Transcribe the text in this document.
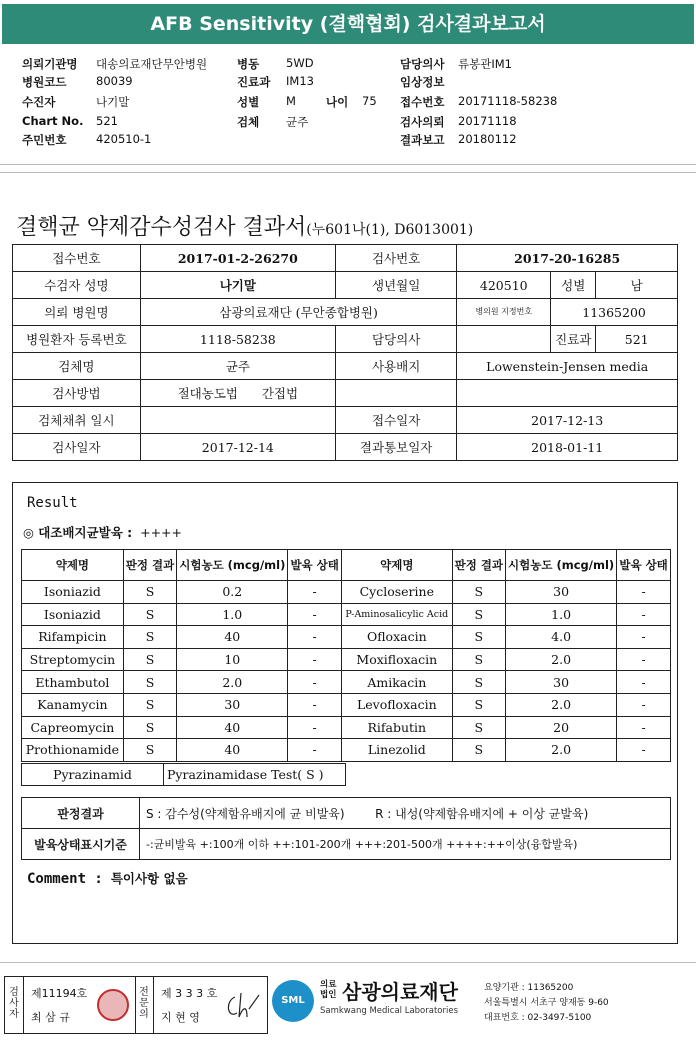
AFB Sensitivity (결핵협회) 검사결과보고서
의뢰기관명 대송의료재단무안병원
병원코드	80039
수진자	나기말
Chart No. 521
주민번호	420510-1
병동 5WD
진료과 IM13
성별 M	나이 75
검체 균주
담당의사 류봉관IM1
임상정보
접수번호 20171118-58238
검사의뢰 20171118
결과보고 20180112
결핵균 약제감수성검사 결과서(누601나(1), D6013001)
접수번호	2017-01-2-26270	검사번호	2017-20-16285		
수검자 성명	나기말	생년월일	420510	성별	남
의뢰 병원명	삼광의료재단 (무안종합병원)		병의원 지정번호	11365200	
병원환자 등록번호	1118-58238	담당의사		진료과	521
검체명	균주	사용배지	Lowenstein-Jensen media		
검사방법	절대농도법 간접법				
검체채취 일시		접수일자	2017-12-13		
검사일자	2017-12-14	결과통보일자	2018-01-11		
Result
◎ 대조배지균발육 : ++++
약제명	판정 결과	시험농도 (mcg/ml)	발육 상태	약제명	판정 결과	시험농도 (mcg/ml)	발육 상태
Isoniazid	S	0.2	-	Cycloserine	S	30	-
Isoniazid	S	1.0	-	P-Aminosalicylic Acid	S	1.0	-
Rifampicin	S	40	-	Ofloxacin	S	4.0	-
Streptomycin	S	10	-	Moxifloxacin	S	2.0	-
Ethambutol	S	2.0	-	Amikacin	S	30	-
Kanamycin	S	30	-	Levofloxacin	S	2.0	-
Capreomycin	S	40	-	Rifabutin	S	20	-
Prothionamide	S	40	-	Linezolid	S	2.0	-
Pyrazinamid	Pyrazinamidase Test( S )
판정결과	S : 감수성(약제함유배지에 균 비발육) R : 내성(약제함유배지에 + 이상 균발육)
발육상태표시기준	-:균비발육 +:100개 이하 ++:101-200개 +++:201-500개 ++++:++이상(융합발육)
Comment : 특이사항 없음
검사자
제11194호
최 삼 규
전문의
제 3 3 3 호
지 현 영
SML
의료법인 삼광의료재단
Samkwang Medical Laboratories
요양기관 : 11365200
서울특별시 서초구 양재동 9-60
대표번호 : 02-3497-5100
